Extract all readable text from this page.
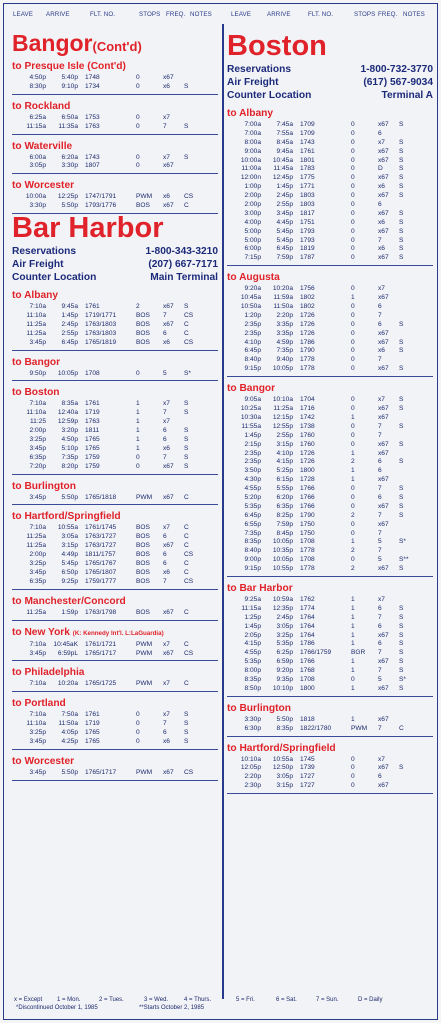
LEAVE ARRIVE	FLT. NO.	STOPS FREQ. NOTES	LEAVE	ARRIVE	FLT. NO.	STOPS FREQ. NOTES
Bangor(Cont'd)
to Presque Isle (Cont'd)
4:50p 5:40p 1748	0	x67
8:30p 9:10p 1734	0	x6 S
to Rockland
6:25a 6:50a 1753	0	x7
11:15a 11:35a 1763	0	7	S
to Waterville
6:00a 6:20a 1743	0	x7 S
3:05p 3:30p 1807	0	x67
to Worcester
10:00a 12:25p 1747/1791	PWM x6 CS
3:30p 5:50p 1793/1776	BOS x67 C
Bar Harbor
Reservations	1-800-343-3210
Air Freight	(207) 667-7171
Counter Location	Main Terminal
to Albany
7:10a 9:45a 1761	2	x67 S
11:10a 1:45p 1719/1771	BOS 7	CS
11:25a 2:45p 1763/1803	BOS x67 C
11:25a 2:55p 1763/1803	BOS 6	C
3:45p 6:45p 1765/1819	BOS x6 CS
to Bangor
9:50p 10:05p 1708	0	5	S*
to Boston
7:10a 8:35a 1761	1	x7 S
11:10a 12:40a 1719	1	7	S
11:25 12:59p 1763	1	x7
2:00p 3:20p 1811	1	6	S
3:25p 4:50p 1765	1	6	S
3:45p 5:10p 1765	1	x6 S
6:35p 7:35p 1759	0	7	S
7:20p 8:20p 1759	0	x67 S
to Burlington
3:45p 5:50p 1765/1818	PWM x67 C
to Hartford/Springfield
7:10a 10:55a 1761/1745	BOS x7 C
11:25a 3:05a 1763/1727	BOS 6	C
11:25a 3:15p 1763/1727	BOS x67 C
2:00p 4:49p 1811/1757	BOS 6	CS
3:25p 5:45p 1765/1767	BOS 6	C
3:45p 6:50p 1765/1807	BOS x6 C
6:35p 9:25p 1759/1777	BOS 7	CS
to Manchester/Concord
11:25a 1:59p 1763/1798	BOS x67 C
to New York (K: Kennedy Int'l. L:LaGuardia)
7:10a 10:45aK 1761/1721	PWM x7 C
3:45p 6:59pL 1765/1717	PWM x67 CS
to Philadelphia
7:10a 10:20a 1765/1725	PWM x7 C
to Portland
7:10a 7:50a 1761	0	x7 S
11:10a 11:50a 1719	0	7	S
3:25p 4:05p 1765	0	6	S
3:45p 4:25p 1765	0	x6 S
to Worcester
3:45p 5:50p 1765/1717	PWM x67 CS
Boston
Reservations	1-800-732-3770
Air Freight	(617) 567-9034
Counter Location	Terminal A
to Albany
7:00a 7:45a 1709	0	x67 S
7:00a 7:55a 1709	0	6
8:00a 8:45a 1743	0	x7 S
9:00a 9:45a 1761	0	x67 S
10:00a 10:45a 1801	0	x67 S
11:00a 11:45a 1783	0	D S
12:00n 12:45p 1775	0	x67 S
1:00p 1:45p 1771	0	x6 S
2:00p 2:45p 1803	0	x67 S
2:00p 2:55p 1803	0	6
3:00p 3:45p 1817	0	x67 S
4:00p 4:45p 1751	0	x6 S
5:00p 5:45p 1793	0	x67 S
5:00p 5:45p 1793	0	7	S
6:00p 6:45p 1819	0	x6 S
7:15p 7:59p 1787	0	x67 S
to Augusta
9:20a 10:20a 1756	0	x7
10:45a 11:59a 1802	1	x67
10:50a 11:50a 1802	0	6
1:20p 2:20p 1726	0	7
2:35p 3:35p 1726	0	6	S
2:35p 3:35p 1726	0	x67
4:10p 4:59p 1786	0	x67 S
6:45p 7:35p 1790	0	x6 S
8:40p 9:40p 1778	0	7
9:15p 10:05p 1778	0	x67 S
to Bangor
9:05a 10:10a 1704	0	x7 S
10:25a 11:25a 1716	0	x67 S
10:30a 12:15p 1742	1	x67
11:55a 12:55p 1738	0	7	S
1:45p 2:55p 1760	0	7
2:15p 3:15p 1760	0	x67 S
2:35p 4:10p 1726	1	x67
2:35p 4:15p 1726	2	6	S
3:50p 5:25p 1800	1	6
4:30p 6:15p 1728	1	x67
4:55p 5:55p 1766	0	7	S
5:20p 6:20p 1766	0	6	S
5:35p 6:35p 1766	0	x67 S
6:45p 8:25p 1790	2	7	S
6:55p 7:59p 1750	0	x67
7:35p 8:45p 1750	0	7
8:35p 10:05p 1708	1	5	S*
8:40p 10:35p 1778	2	7
9:00p 10:05p 1708	0	5	S**
9:15p 10:55p 1778	2	x67 S
to Bar Harbor
9:25a 10:59a 1762	1	x7
11:15a 12:35p 1774	1	6	S
1:25p 2:45p 1764	1	7	S
1:45p 3:05p 1764	1	6	S
2:05p 3:25p 1764	1	x67 S
4:15p 5:35p 1786	1	6	S
4:55p 6:25p 1766/1759	BGR 7	S
5:35p 6:59p 1766	1	x67 S
8:00p 9:20p 1768	1	7	S
8:35p 9:35p 1708	0	5	S*
8:50p 10:10p 1800	1	x67 S
to Burlington
3:30p 5:50p 1818	1	x67
6:30p 8:35p 1822/1780	PWM 7	C
to Hartford/Springfield
10:10a 10:55a 1745	0	x7
12:05p 12:50p 1739	0	x67 S
2:20p 3:05p 1727	0	6
2:30p 3:15p 1727	0	x67
x = Except 1 = Mon.	2 = Tues.	3 = Wed.	4 = Thurs.	5 = Fri.	6 = Sat.	7 = Sun.	D = Daily
*Discontinued October 1, 1985	**Starts October 2, 1985
